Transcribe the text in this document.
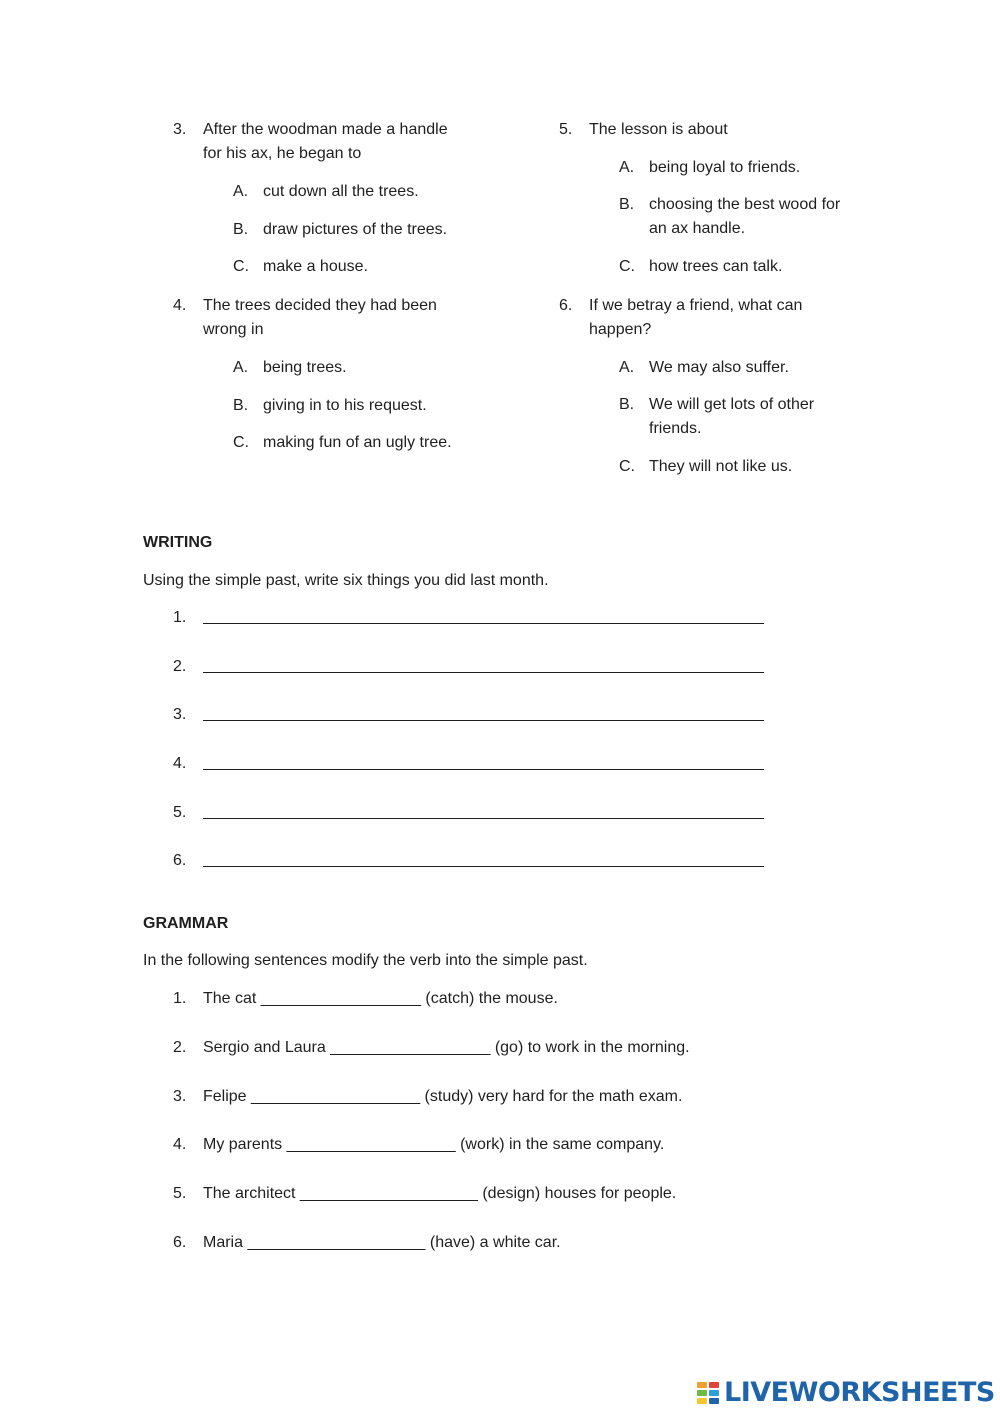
3.	After the woodman made a handle
for his ax, he began to
A. cut down all the trees.
B. draw pictures of the trees.
C. make a house.
4.	The trees decided they had been
wrong in
A. being trees.
B. giving in to his request.
C. making fun of an ugly tree.
5.	The lesson is about
A. being loyal to friends.
B. choosing the best wood for
an ax handle.
C. how trees can talk.
6.	If we betray a friend, what can
happen?
A. We may also suffer.
B. We will get lots of other
friends.
C. They will not like us.
WRITING
Using the simple past, write six things you did last month.
1.
2.
3.
4.
5.
6.
GRAMMAR
In the following sentences modify the verb into the simple past.
1. The cat __________________ (catch) the mouse.
2. Sergio and Laura __________________ (go) to work in the morning.
3. Felipe ___________________ (study) very hard for the math exam.
4. My parents ___________________ (work) in the same company.
5. The architect ____________________ (design) houses for people.
6. Maria ____________________ (have) a white car.
LIVEWORKSHEETS
